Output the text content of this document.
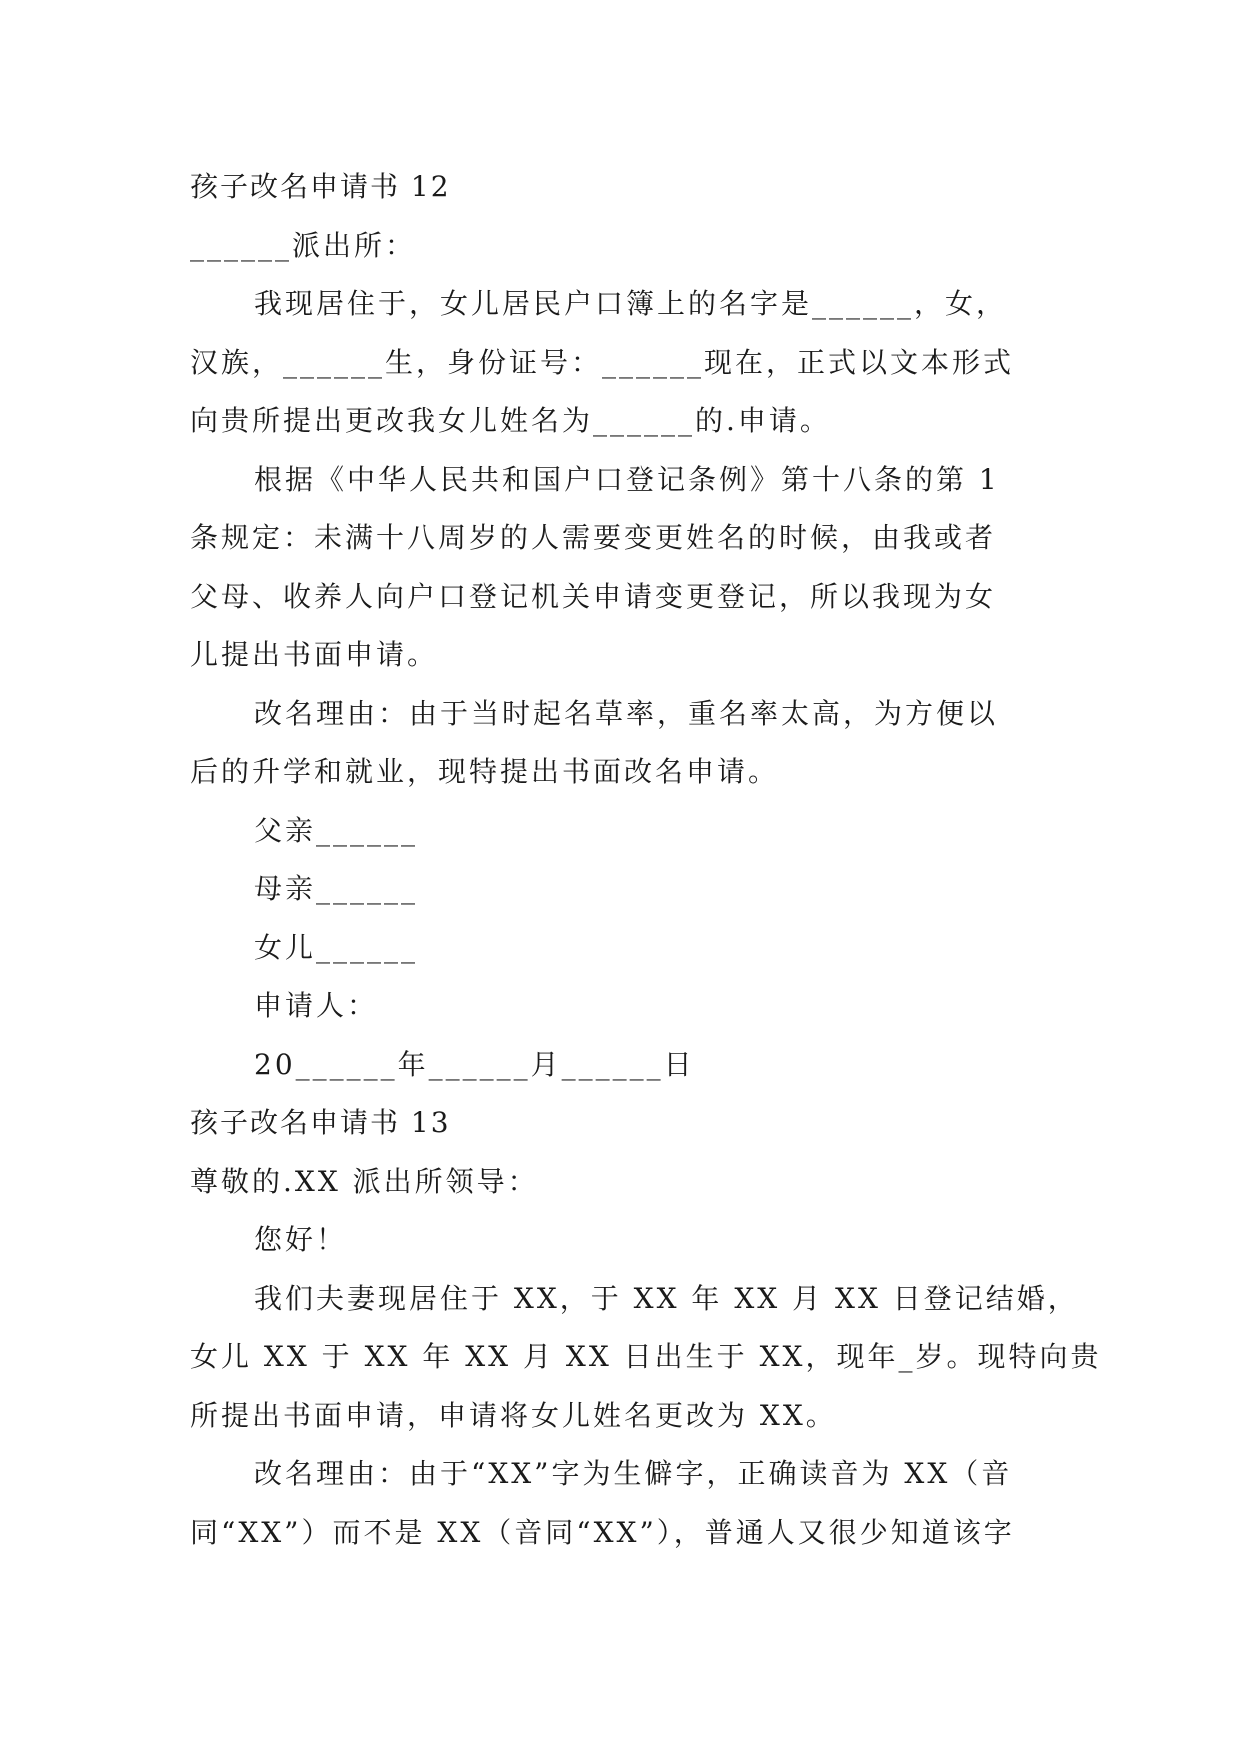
孩子改名申请书 12
______派出所：
我现居住于，女儿居民户口簿上的名字是______，女，
汉族，______生，身份证号：______现在，正式以文本形式
向贵所提出更改我女儿姓名为______的.申请。
根据《中华人民共和国户口登记条例》第十八条的第 1
条规定：未满十八周岁的人需要变更姓名的时候，由我或者
父母、收养人向户口登记机关申请变更登记，所以我现为女
儿提出书面申请。
改名理由：由于当时起名草率，重名率太高，为方便以
后的升学和就业，现特提出书面改名申请。
父亲______
母亲______
女儿______
申请人：
20______年______月______日
孩子改名申请书 13
尊敬的.XX 派出所领导：
您好！
我们夫妻现居住于 XX，于 XX 年 XX 月 XX 日登记结婚，
女儿 XX 于 XX 年 XX 月 XX 日出生于 XX，现年_岁。现特向贵
所提出书面申请，申请将女儿姓名更改为 XX。
改名理由：由于“XX”字为生僻字，正确读音为 XX（音
同“XX”）而不是 XX（音同“XX”），普通人又很少知道该字
